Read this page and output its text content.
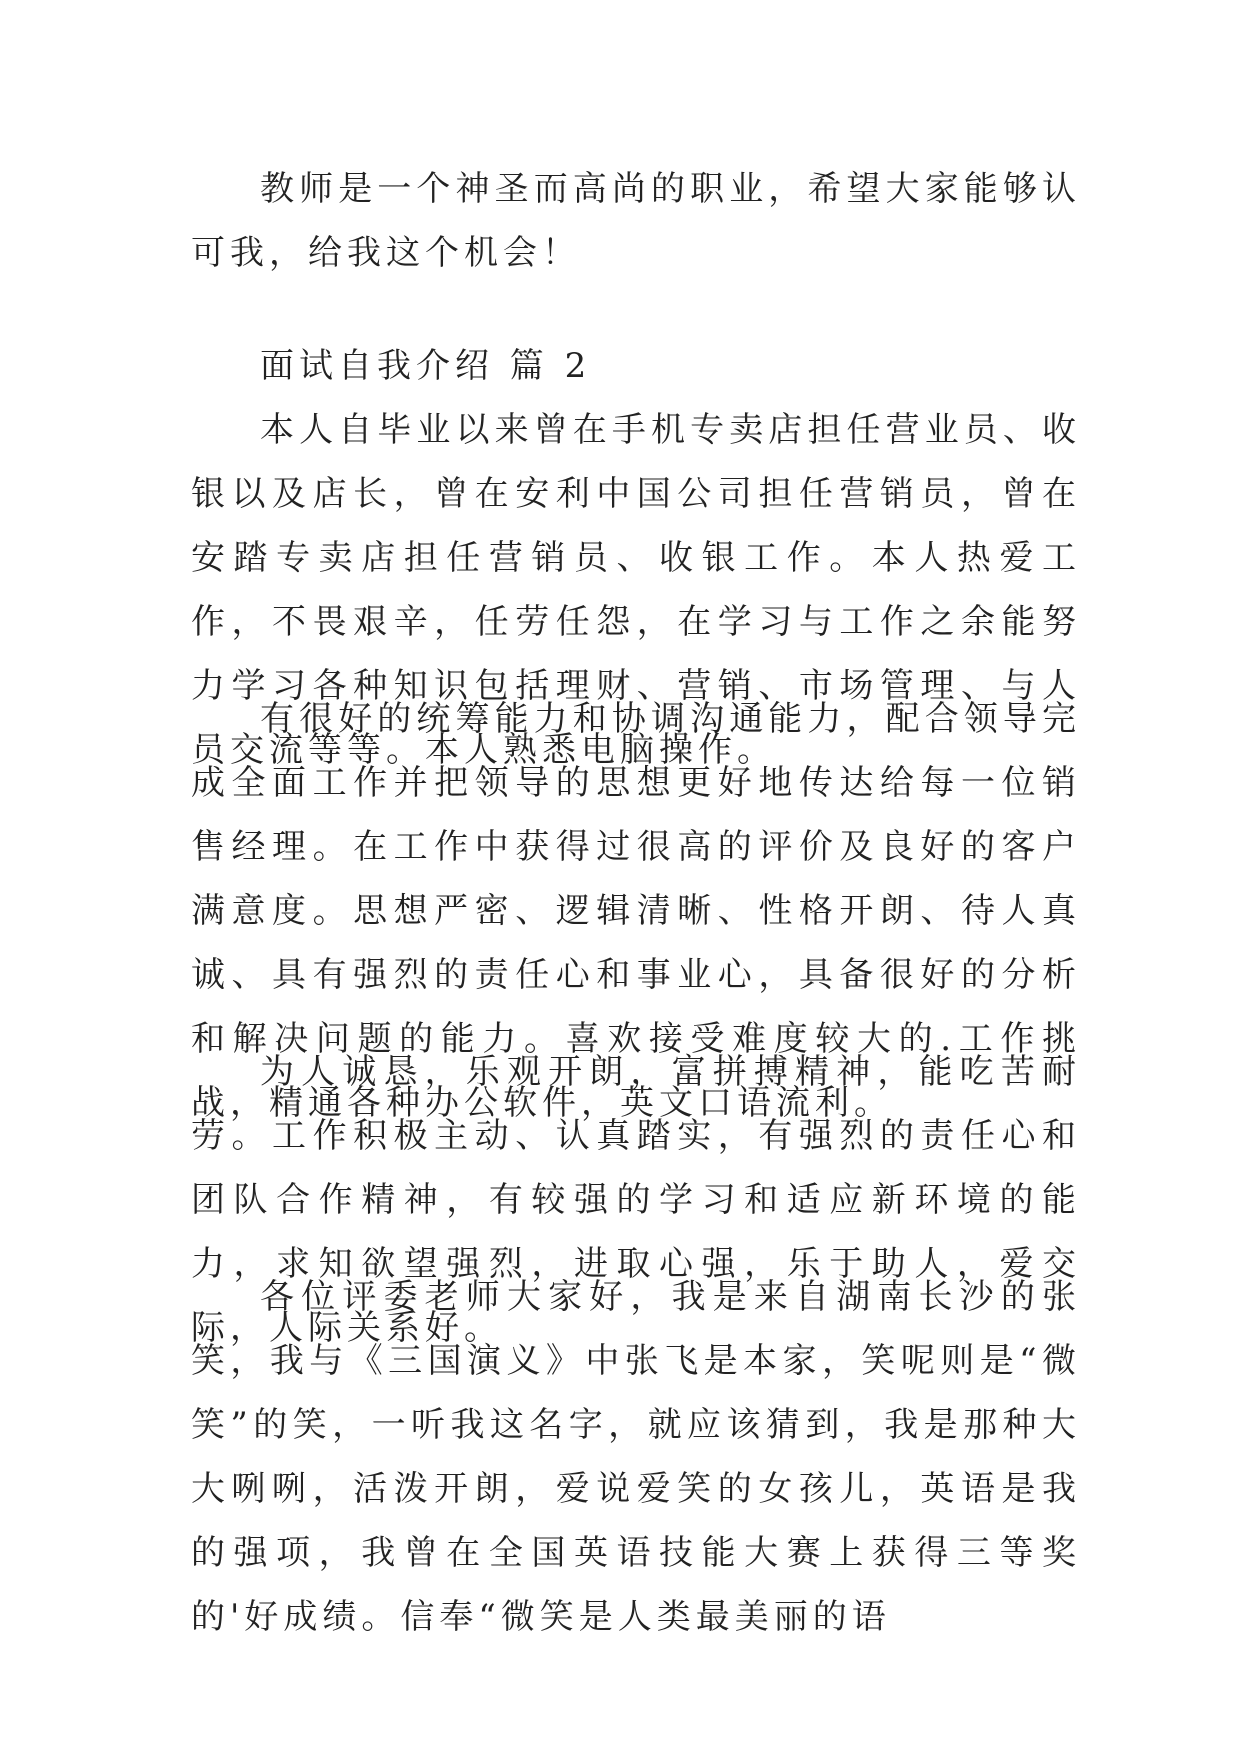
教师是一个神圣而高尚的职业，希望大家能够认可我，给我这个机会！

面试自我介绍 篇 2

本人自毕业以来曾在手机专卖店担任营业员、收银以及店长，曾在安利中国公司担任营销员，曾在安踏专卖店担任营销员、收银工作。本人热爱工作，不畏艰辛，任劳任怨，在学习与工作之余能努力学习各种知识包括理财、营销、市场管理、与人员交流等等。本人熟悉电脑操作。

有很好的统筹能力和协调沟通能力，配合领导完成全面工作并把领导的思想更好地传达给每一位销售经理。在工作中获得过很高的评价及良好的客户满意度。思想严密、逻辑清晰、性格开朗、待人真诚、具有强烈的责任心和事业心，具备很好的分析和解决问题的能力。喜欢接受难度较大的.工作挑战，精通各种办公软件，英文口语流利。

为人诚恳，乐观开朗，富拼搏精神，能吃苦耐劳。工作积极主动、认真踏实，有强烈的责任心和团队合作精神，有较强的学习和适应新环境的能力，求知欲望强烈，进取心强，乐于助人，爱交际，人际关系好。

各位评委老师大家好，我是来自湖南长沙的张笑，我与《三国演义》中张飞是本家，笑呢则是“微笑”的笑，一听我这名字，就应该猜到，我是那种大大咧咧，活泼开朗，爱说爱笑的女孩儿，英语是我的强项，我曾在全国英语技能大赛上获得三等奖的'好成绩。信奉“微笑是人类最美丽的语
